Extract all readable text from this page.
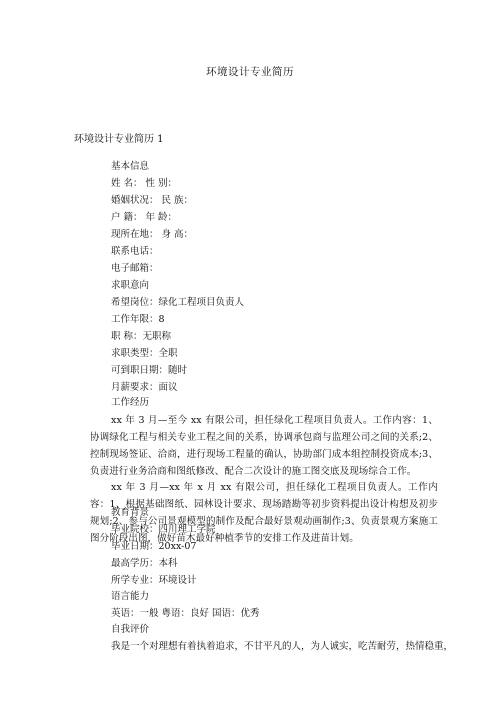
环境设计专业简历
环境设计专业简历 1
基本信息
姓 名： 性 别：
婚姻状况： 民 族：
户 籍： 年 龄：
现所在地： 身 高：
联系电话：
电子邮箱：
求职意向
希望岗位：绿化工程项目负责人
工作年限：8
职 称：无职称
求职类型：全职
可到职日期：随时
月薪要求：面议
工作经历
xx 年 3 月—至今 xx 有限公司，担任绿化工程项目负责人。工作内容：1、协调绿化工程与相关专业工程之间的关系，协调承包商与监理公司之间的关系;2、控制现场签证、洽商，进行现场工程量的确认，协助部门成本组控制投资成本;3、负责进行业务洽商和图纸修改、配合二次设计的施工图交底及现场综合工作。
xx 年 3 月—xx 年 x 月 xx 有限公司，担任绿化工程项目负责人。工作内容：1、根据基础图纸、园林设计要求、现场踏勘等初步资料提出设计构想及初步规划;2、参与公司景观模型的制作及配合最好景观动画制作;3、负责景观方案施工图分阶段出图，做好苗木最好种植季节的安排工作及进苗计划。
教育背景
毕业院校：四川理工学院
毕业日期：20xx-07
最高学历：本科
所学专业：环境设计
语言能力
英语：一般 粤语：良好 国语：优秀
自我评价
我是一个对理想有着执着追求，不甘平凡的人，为人诚实，吃苦耐劳，热情稳重，
